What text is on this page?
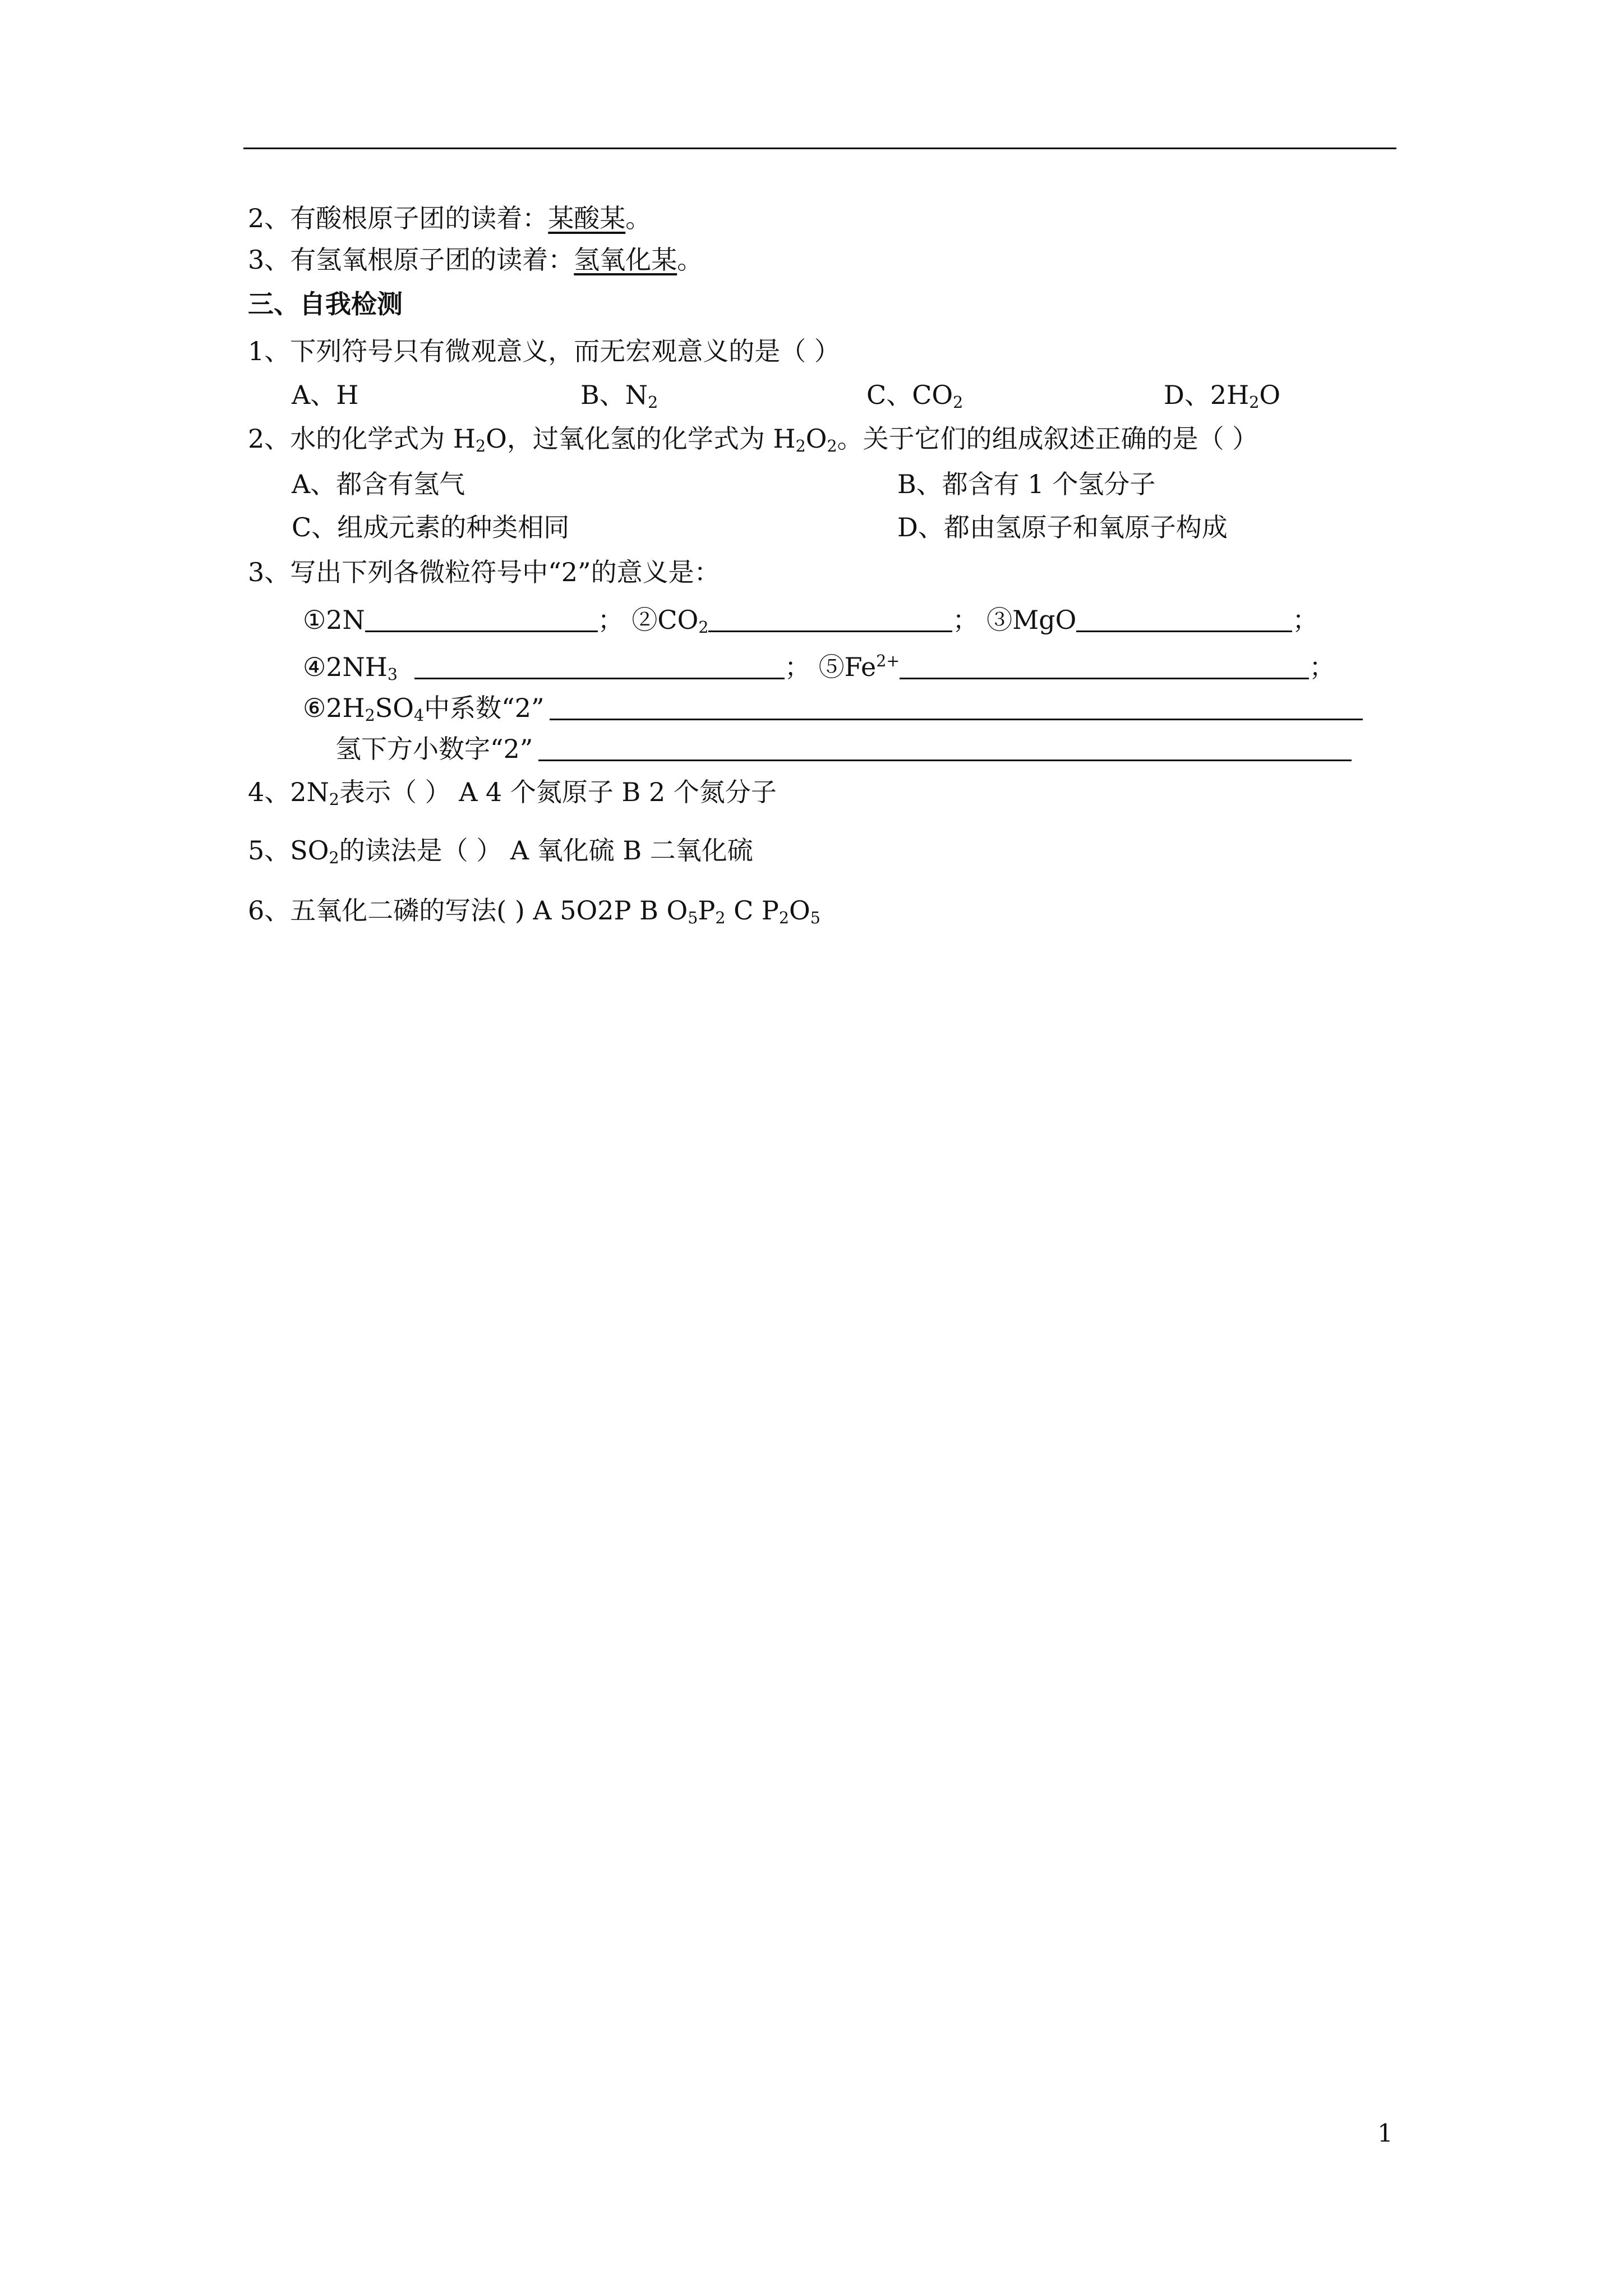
2、有酸根原子团的读着：某酸某。
3、有氢氧根原子团的读着：氢氧化某。
三、自我检测
1、下列符号只有微观意义，而无宏观意义的是（ ）
A、H	B、$N_2$	C、$CO_2$	D、$2H_2O$
2、水的化学式为 $H_2O$，过氧化氢的化学式为 $H_2O_2$。关于它们的组成叙述正确的是（ ）
A、都含有氢气	B、都含有 1 个氢分子
C、组成元素的种类相同	D、都由氢原子和氧原子构成
3、写出下列各微粒符号中“2”的意义是：
①2N	； $②CO_2$	； ③MgO	；
$④2NH_3$	； $⑤Fe^{2+}$	；
$⑥2H_2SO_4$中系数“2”
氢下方小数字“2”
4、$2N_2$表示（ ） A 4 个氮原子 B 2 个氮分子
5、$SO_2$的读法是（ ） A 氧化硫 B 二氧化硫
6、五氧化二磷的写法( ) A 5O2P B $O_5P_2$ C $P_2O_5$
1
